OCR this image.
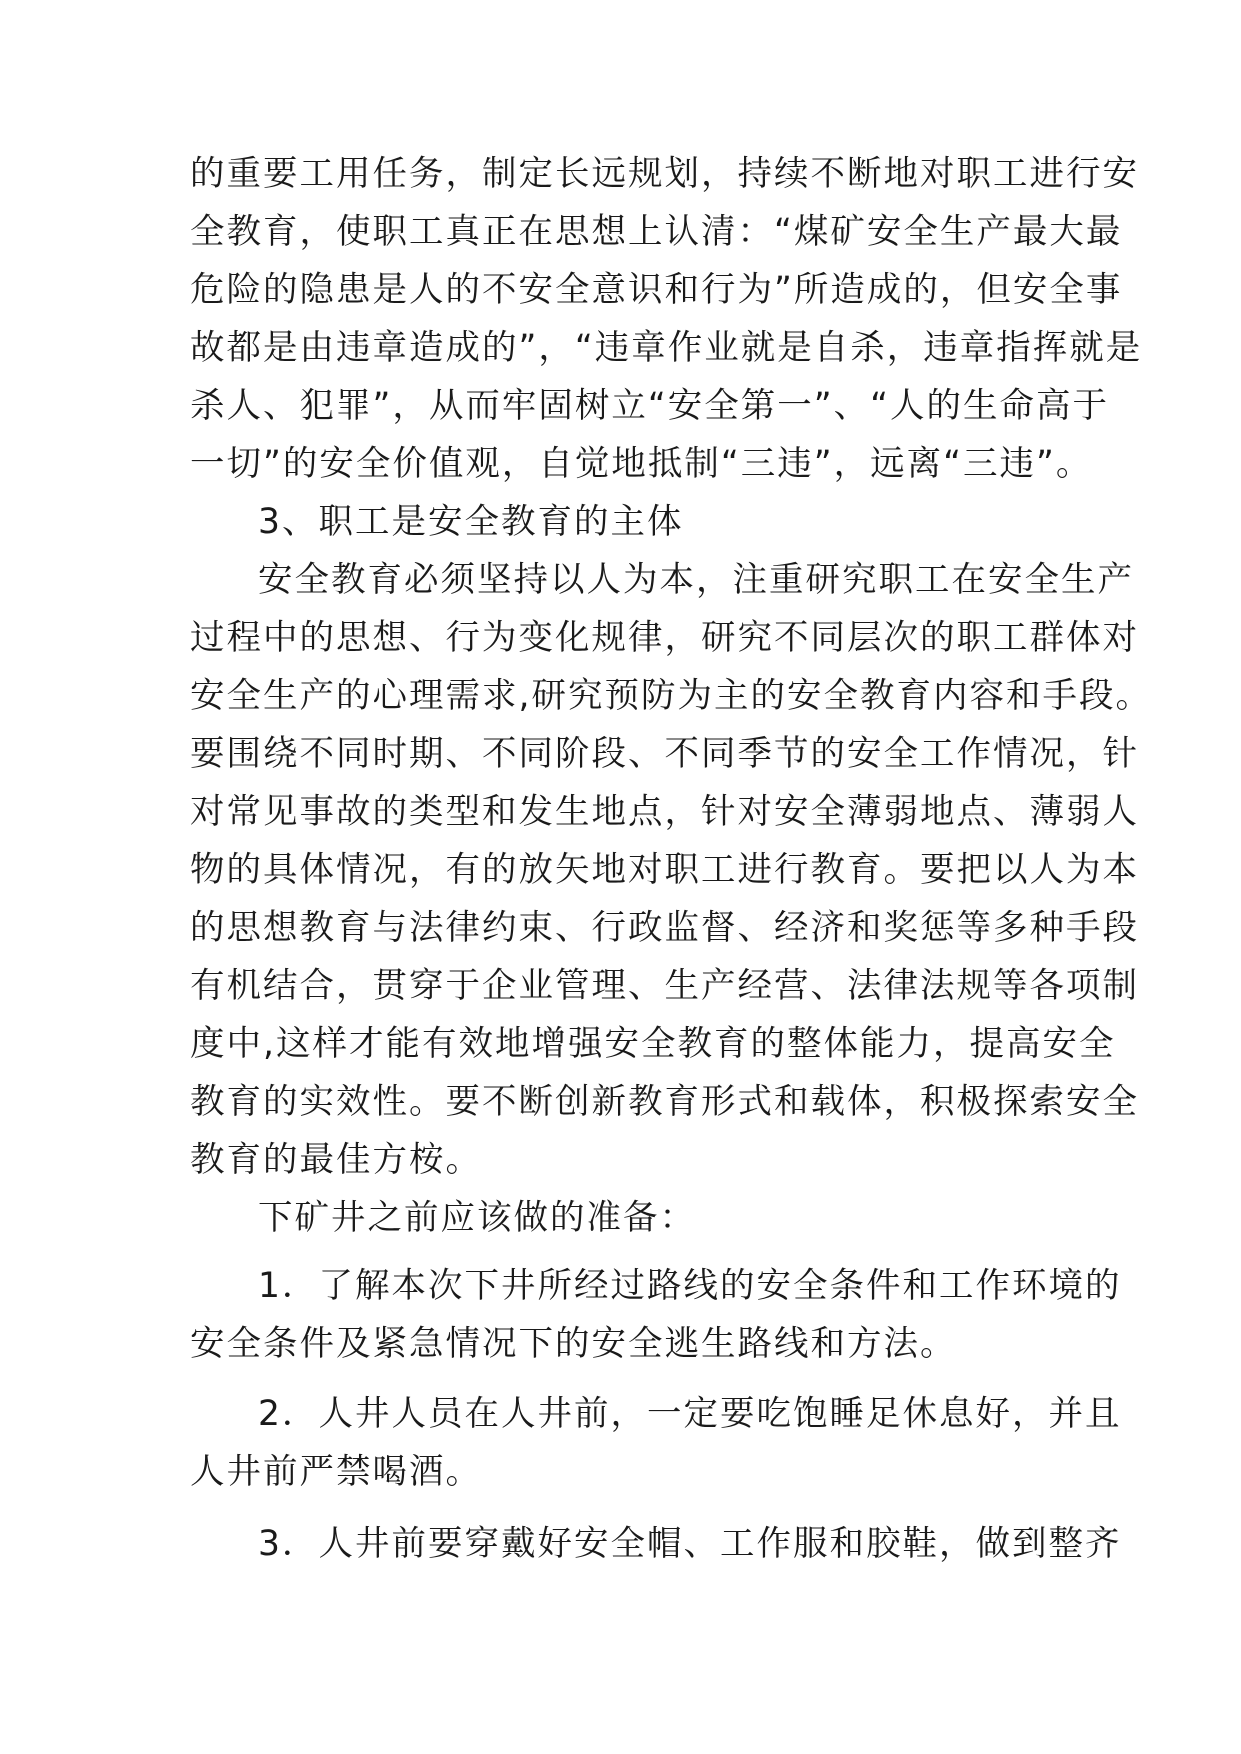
的重要工用任务，制定长远规划，持续不断地对职工进行安
全教育，使职工真正在思想上认清：“煤矿安全生产最大最
危险的隐患是人的不安全意识和行为”所造成的，但安全事
故都是由违章造成的”，“违章作业就是自杀，违章指挥就是
杀人、犯罪”，从而牢固树立“安全第一”、“人的生命高于
一切”的安全价值观，自觉地抵制“三违”，远离“三违”。
3、职工是安全教育的主体
安全教育必须坚持以人为本，注重研究职工在安全生产
过程中的思想、行为变化规律，研究不同层次的职工群体对
安全生产的心理需求,研究预防为主的安全教育内容和手段。
要围绕不同时期、不同阶段、不同季节的安全工作情况，针
对常见事故的类型和发生地点，针对安全薄弱地点、薄弱人
物的具体情况，有的放矢地对职工进行教育。要把以人为本
的思想教育与法律约束、行政监督、经济和奖惩等多种手段
有机结合，贯穿于企业管理、生产经营、法律法规等各项制
度中,这样才能有效地增强安全教育的整体能力，提高安全
教育的实效性。要不断创新教育形式和载体，积极探索安全
教育的最佳方桉。
下矿井之前应该做的准备：
1．了解本次下井所经过路线的安全条件和工作环境的
安全条件及紧急情况下的安全逃生路线和方法。
2．人井人员在人井前，一定要吃饱睡足休息好，并且
人井前严禁喝酒。
3．人井前要穿戴好安全帽、工作服和胶鞋，做到整齐
